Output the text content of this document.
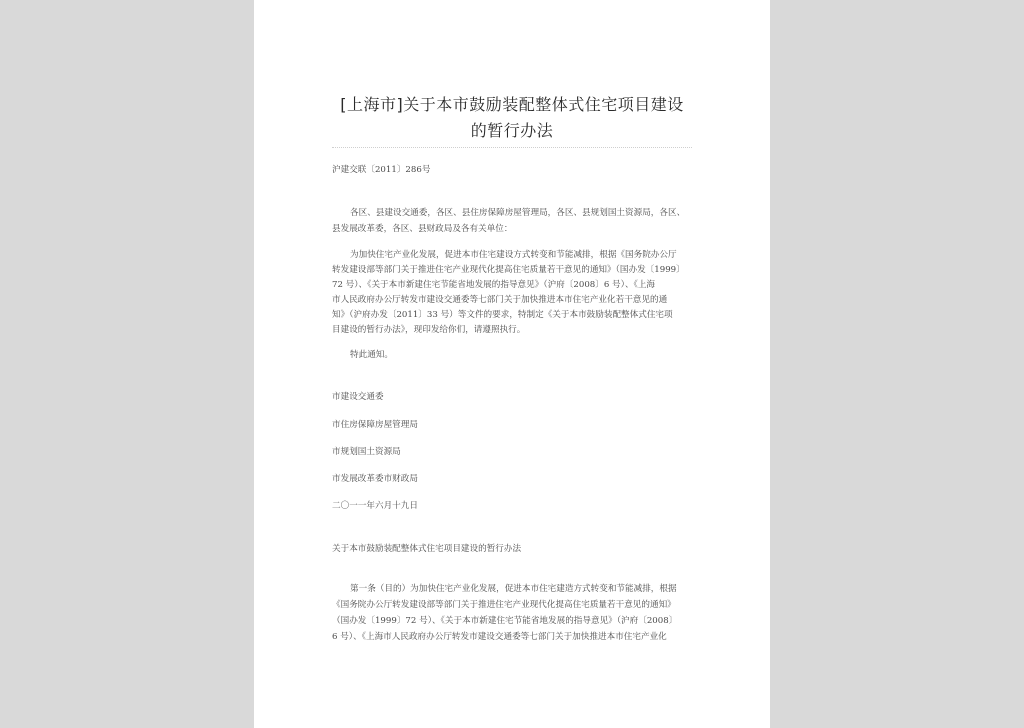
[上海市]关于本市鼓励装配整体式住宅项目建设
的暂行办法
沪建交联〔2011〕286号
各区、县建设交通委，各区、县住房保障房屋管理局，各区、县规划国土资源局，各区、
县发展改革委，各区、县财政局及各有关单位：
为加快住宅产业化发展，促进本市住宅建设方式转变和节能减排，根据《国务院办公厅
转发建设部等部门关于推进住宅产业现代化提高住宅质量若干意见的通知》（国办发〔1999〕
72 号）、《关于本市新建住宅节能省地发展的指导意见》（沪府〔2008〕6 号）、《上海
市人民政府办公厅转发市建设交通委等七部门关于加快推进本市住宅产业化若干意见的通
知》（沪府办发〔2011〕33 号）等文件的要求，特制定《关于本市鼓励装配整体式住宅项
目建设的暂行办法》，现印发给你们，请遵照执行。
特此通知。
市建设交通委
市住房保障房屋管理局
市规划国土资源局
市发展改革委市财政局
二〇一一年六月十九日
关于本市鼓励装配整体式住宅项目建设的暂行办法
第一条（目的）为加快住宅产业化发展，促进本市住宅建造方式转变和节能减排，根据
《国务院办公厅转发建设部等部门关于推进住宅产业现代化提高住宅质量若干意见的通知》
（国办发〔1999〕72 号）、《关于本市新建住宅节能省地发展的指导意见》（沪府〔2008〕
6 号）、《上海市人民政府办公厅转发市建设交通委等七部门关于加快推进本市住宅产业化
